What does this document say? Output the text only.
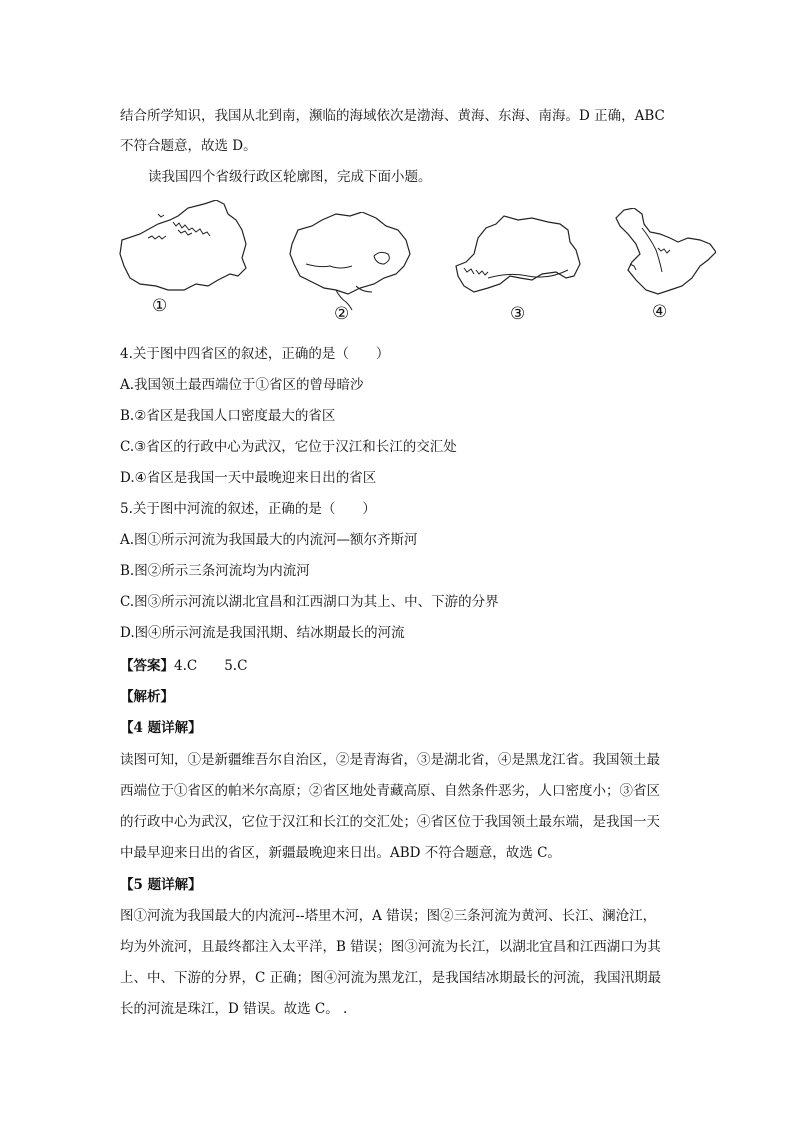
结合所学知识，我国从北到南，濒临的海域依次是渤海、黄海、东海、南海。D 正确，ABC
不符合题意，故选 D。
读我国四个省级行政区轮廓图，完成下面小题。
①	②	③	④
4.关于图中四省区的叙述，正确的是（　　）
A.我国领土最西端位于①省区的曾母暗沙
B.②省区是我国人口密度最大的省区
C.③省区的行政中心为武汉，它位于汉江和长江的交汇处
D.④省区是我国一天中最晚迎来日出的省区
5.关于图中河流的叙述，正确的是（　　）
A.图①所示河流为我国最大的内流河—额尔齐斯河
B.图②所示三条河流均为内流河
C.图③所示河流以湖北宜昌和江西湖口为其上、中、下游的分界
D.图④所示河流是我国汛期、结冰期最长的河流
【答案】4.C　　5.C
【解析】
【4 题详解】
读图可知，①是新疆维吾尔自治区，②是青海省，③是湖北省，④是黑龙江省。我国领土最
西端位于①省区的帕米尔高原；②省区地处青藏高原、自然条件恶劣，人口密度小；③省区
的行政中心为武汉，它位于汉江和长江的交汇处；④省区位于我国领土最东端，是我国一天
中最早迎来日出的省区，新疆最晚迎来日出。ABD 不符合题意，故选 C。
【5 题详解】
图①河流为我国最大的内流河--塔里木河，A 错误；图②三条河流为黄河、长江、澜沧江，
均为外流河，且最终都注入太平洋，B 错误；图③河流为长江，以湖北宜昌和江西湖口为其
上、中、下游的分界，C 正确；图④河流为黑龙江，是我国结冰期最长的河流，我国汛期最
长的河流是珠江，D 错误。故选 C。 .
